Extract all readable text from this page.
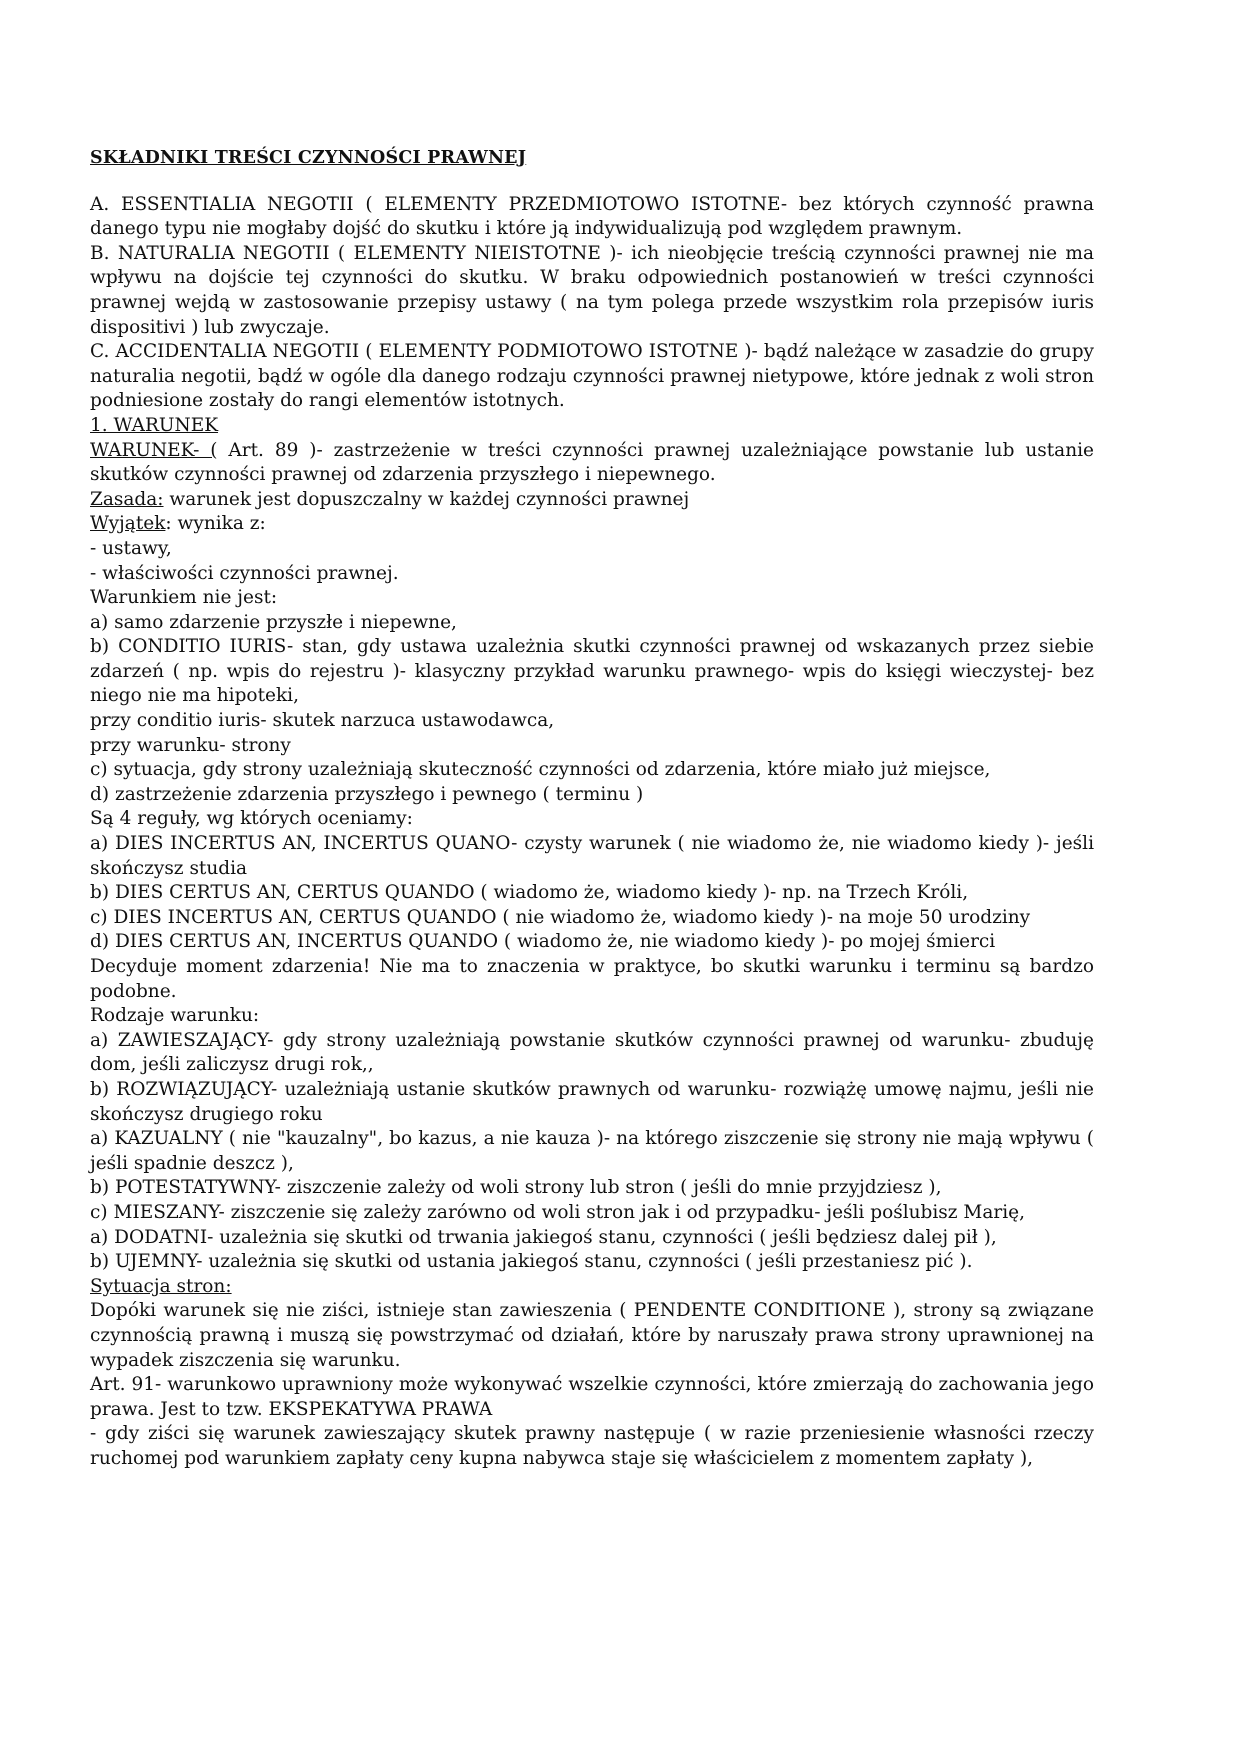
SKŁADNIKI TREŚCI CZYNNOŚCI PRAWNEJ
A. ESSENTIALIA NEGOTII ( ELEMENTY PRZEDMIOTOWO ISTOTNE- bez których czynność prawna danego typu nie mogłaby dojść do skutku i które ją indywidualizują pod względem prawnym.
B. NATURALIA NEGOTII ( ELEMENTY NIEISTOTNE )- ich nieobjęcie treścią czynności prawnej nie ma wpływu na dojście tej czynności do skutku. W braku odpowiednich postanowień w treści czynności prawnej wejdą w zastosowanie przepisy ustawy ( na tym polega przede wszystkim rola przepisów iuris dispositivi ) lub zwyczaje.
C. ACCIDENTALIA NEGOTII ( ELEMENTY PODMIOTOWO ISTOTNE )- bądź należące w zasadzie do grupy naturalia negotii, bądź w ogóle dla danego rodzaju czynności prawnej nietypowe, które jednak z woli stron podniesione zostały do rangi elementów istotnych.
1. WARUNEK
WARUNEK- ( Art. 89 )- zastrzeżenie w treści czynności prawnej uzależniające powstanie lub ustanie skutków czynności prawnej od zdarzenia przyszłego i niepewnego.
Zasada: warunek jest dopuszczalny w każdej czynności prawnej
Wyjątek: wynika z:
- ustawy,
- właściwości czynności prawnej.
Warunkiem nie jest:
a) samo zdarzenie przyszłe i niepewne,
b) CONDITIO IURIS- stan, gdy ustawa uzależnia skutki czynności prawnej od wskazanych przez siebie zdarzeń ( np. wpis do rejestru )- klasyczny przykład warunku prawnego- wpis do księgi wieczystej- bez niego nie ma hipoteki,
przy conditio iuris- skutek narzuca ustawodawca,
przy warunku- strony
c) sytuacja, gdy strony uzależniają skuteczność czynności od zdarzenia, które miało już miejsce,
d) zastrzeżenie zdarzenia przyszłego i pewnego ( terminu )
Są 4 reguły, wg których oceniamy:
a) DIES INCERTUS AN, INCERTUS QUANO- czysty warunek ( nie wiadomo że, nie wiadomo kiedy )- jeśli skończysz studia
b) DIES CERTUS AN, CERTUS QUANDO ( wiadomo że, wiadomo kiedy )- np. na Trzech Króli,
c) DIES INCERTUS AN, CERTUS QUANDO ( nie wiadomo że, wiadomo kiedy )- na moje 50 urodziny
d) DIES CERTUS AN, INCERTUS QUANDO ( wiadomo że, nie wiadomo kiedy )- po mojej śmierci
Decyduje moment zdarzenia! Nie ma to znaczenia w praktyce, bo skutki warunku i terminu są bardzo podobne.
Rodzaje warunku:
a) ZAWIESZAJĄCY- gdy strony uzależniają powstanie skutków czynności prawnej od warunku- zbuduję dom, jeśli zaliczysz drugi rok,,
b) ROZWIĄZUJĄCY- uzależniają ustanie skutków prawnych od warunku- rozwiążę umowę najmu, jeśli nie skończysz drugiego roku
a) KAZUALNY ( nie "kauzalny", bo kazus, a nie kauza )- na którego ziszczenie się strony nie mają wpływu ( jeśli spadnie deszcz ),
b) POTESTATYWNY- ziszczenie zależy od woli strony lub stron ( jeśli do mnie przyjdziesz ),
c) MIESZANY- ziszczenie się zależy zarówno od woli stron jak i od przypadku- jeśli poślubisz Marię,
a) DODATNI- uzależnia się skutki od trwania jakiegoś stanu, czynności ( jeśli będziesz dalej pił ),
b) UJEMNY- uzależnia się skutki od ustania jakiegoś stanu, czynności ( jeśli przestaniesz pić ).
Sytuacja stron:
Dopóki warunek się nie ziści, istnieje stan zawieszenia ( PENDENTE CONDITIONE ), strony są związane czynnością prawną i muszą się powstrzymać od działań, które by naruszały prawa strony uprawnionej na wypadek ziszczenia się warunku.
Art. 91- warunkowo uprawniony może wykonywać wszelkie czynności, które zmierzają do zachowania jego prawa. Jest to tzw. EKSPEKATYWA PRAWA
- gdy ziści się warunek zawieszający skutek prawny następuje ( w razie przeniesienie własności rzeczy ruchomej pod warunkiem zapłaty ceny kupna nabywca staje się właścicielem z momentem zapłaty ),
